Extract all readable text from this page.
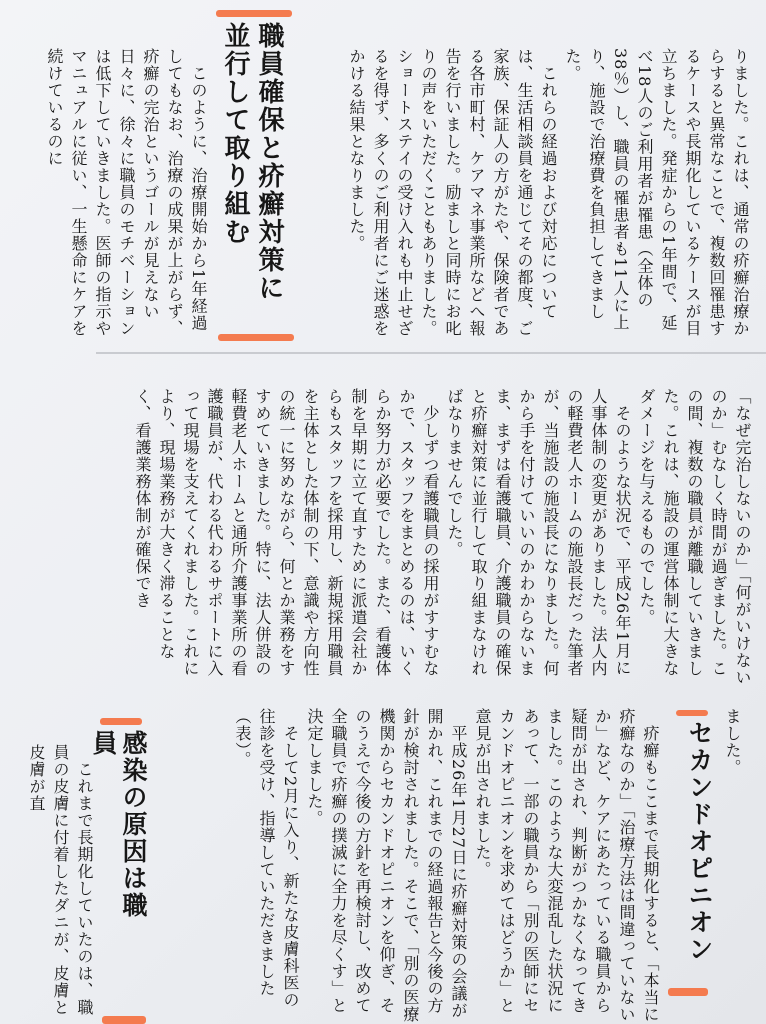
りました。これは、通常の疥癬治療からすると異常なことで、複数回罹患するケースや長期化しているケースが目立ちました。発症からの1年間で、延べ18人のご利用者が罹患（全体の38％）し、職員の罹患者も11人に上り、施設で治療費を負担してきました。

　これらの経過および対応については、生活相談員を通じてその都度、ご家族、保証人の方がたや、保険者である各市町村、ケアマネ事業所などへ報告を行いました。励ましと同時にお叱りの声をいただくこともありました。ショートステイの受け入れも中止せざるを得ず、多くのご利用者にご迷惑をかける結果となりました。

職員確保と疥癬対策に並行して取り組む

　このように、治療開始から1年経過してもなお、治療の成果が上がらず、疥癬の完治というゴールが見えない日々に、徐々に職員のモチベーションは低下していきました。医師の指示やマニュアルに従い、一生懸命にケアを続けているのに

「なぜ完治しないのか」「何がいけないのか」むなしく時間が過ぎました。この間、複数の職員が離職していきました。これは、施設の運営体制に大きなダメージを与えるものでした。

　そのような状況で、平成26年1月に人事体制の変更がありました。法人内の軽費老人ホームの施設長だった筆者が、当施設の施設長になりました。何から手を付けていいのかわからないまま、まずは看護職員、介護職員の確保と疥癬対策に並行して取り組まなければなりませんでした。

　少しずつ看護職員の採用がすすむなかで、スタッフをまとめるのは、いくらか努力が必要でした。また、看護体制を早期に立て直すために派遣会社からもスタッフを採用し、新規採用職員を主体とした体制の下、意識や方向性の統一に努めながら、何とか業務をすすめていきました。特に、法人併設の軽費老人ホームと通所介護事業所の看護職員が、代わる代わるサポートに入って現場を支えてくれました。これにより、現場業務が大きく滞ることなく、看護業務体制が確保でき

ました。

セカンドオピニオン

　疥癬もここまで長期化すると、「本当に疥癬なのか」「治療方法は間違っていないか」など、ケアにあたっている職員から疑問が出され、判断がつかなくなってきました。このような大変混乱した状況にあって、一部の職員から「別の医師にセカンドオピニオンを求めてはどうか」と意見が出されました。

　平成26年1月27日に疥癬対策の会議が開かれ、これまでの経過報告と今後の方針が検討されました。そこで、「別の医療機関からセカンドオピニオンを仰ぎ、そのうえで今後の方針を再検討し、改めて全職員で疥癬の撲滅に全力を尽くす」と決定しました。

　そして2月に入り、新たな皮膚科医の往診を受け、指導していただきました（表）。

感染の原因は職員

　これまで長期化していたのは、職員の皮膚に付着したダニが、皮膚と皮膚が直
